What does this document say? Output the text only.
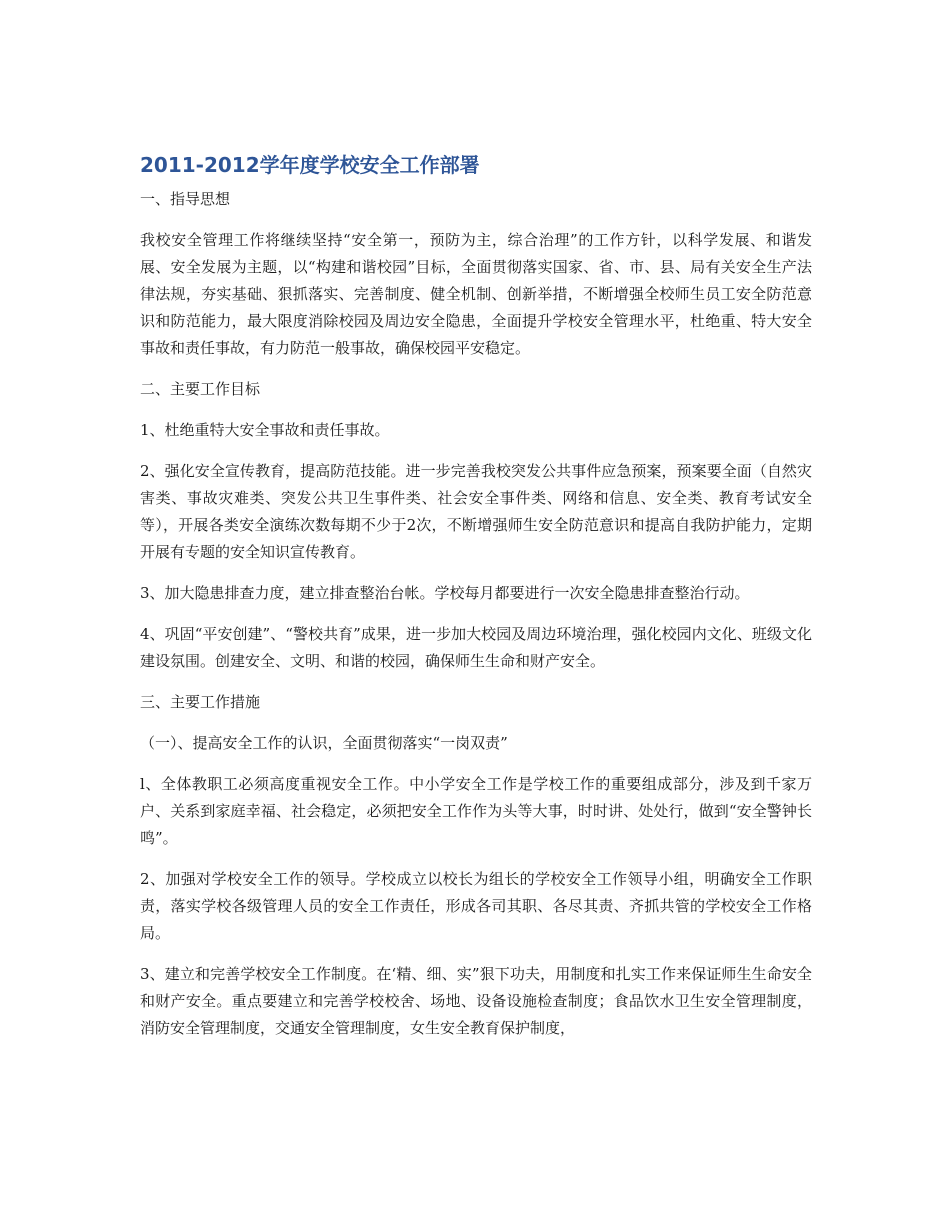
2011-2012学年度学校安全工作部署
一、指导思想
我校安全管理工作将继续坚持“安全第一，预防为主，综合治理”的工作方针，以科学发展、和谐发展、安全发展为主题，以“构建和谐校园”目标，全面贯彻落实国家、省、市、县、局有关安全生产法律法规，夯实基础、狠抓落实、完善制度、健全机制、创新举措，不断增强全校师生员工安全防范意识和防范能力，最大限度消除校园及周边安全隐患，全面提升学校安全管理水平，杜绝重、特大安全事故和责任事故，有力防范一般事故，确保校园平安稳定。
二、主要工作目标
1、杜绝重特大安全事故和责任事故。
2、强化安全宣传教育，提高防范技能。进一步完善我校突发公共事件应急预案，预案要全面（自然灾害类、事故灾难类、突发公共卫生事件类、社会安全事件类、网络和信息、安全类、教育考试安全等），开展各类安全演练次数每期不少于2次，不断增强师生安全防范意识和提高自我防护能力，定期开展有专题的安全知识宣传教育。
3、加大隐患排查力度，建立排查整治台帐。学校每月都要进行一次安全隐患排查整治行动。
4、巩固“平安创建”、“警校共育”成果，进一步加大校园及周边环境治理，强化校园内文化、班级文化建设氛围。创建安全、文明、和谐的校园，确保师生生命和财产安全。
三、主要工作措施
（一）、提高安全工作的认识，全面贯彻落实“一岗双责”
l、全体教职工必须高度重视安全工作。中小学安全工作是学校工作的重要组成部分，涉及到千家万户、关系到家庭幸福、社会稳定，必须把安全工作作为头等大事，时时讲、处处行，做到“安全警钟长鸣”。
2、加强对学校安全工作的领导。学校成立以校长为组长的学校安全工作领导小组，明确安全工作职责，落实学校各级管理人员的安全工作责任，形成各司其职、各尽其责、齐抓共管的学校安全工作格局。
3、建立和完善学校安全工作制度。在‘精、细、实”狠下功夫，用制度和扎实工作来保证师生生命安全和财产安全。重点要建立和完善学校校舍、场地、设备设施检查制度；食品饮水卫生安全管理制度，消防安全管理制度，交通安全管理制度，女生安全教育保护制度，
